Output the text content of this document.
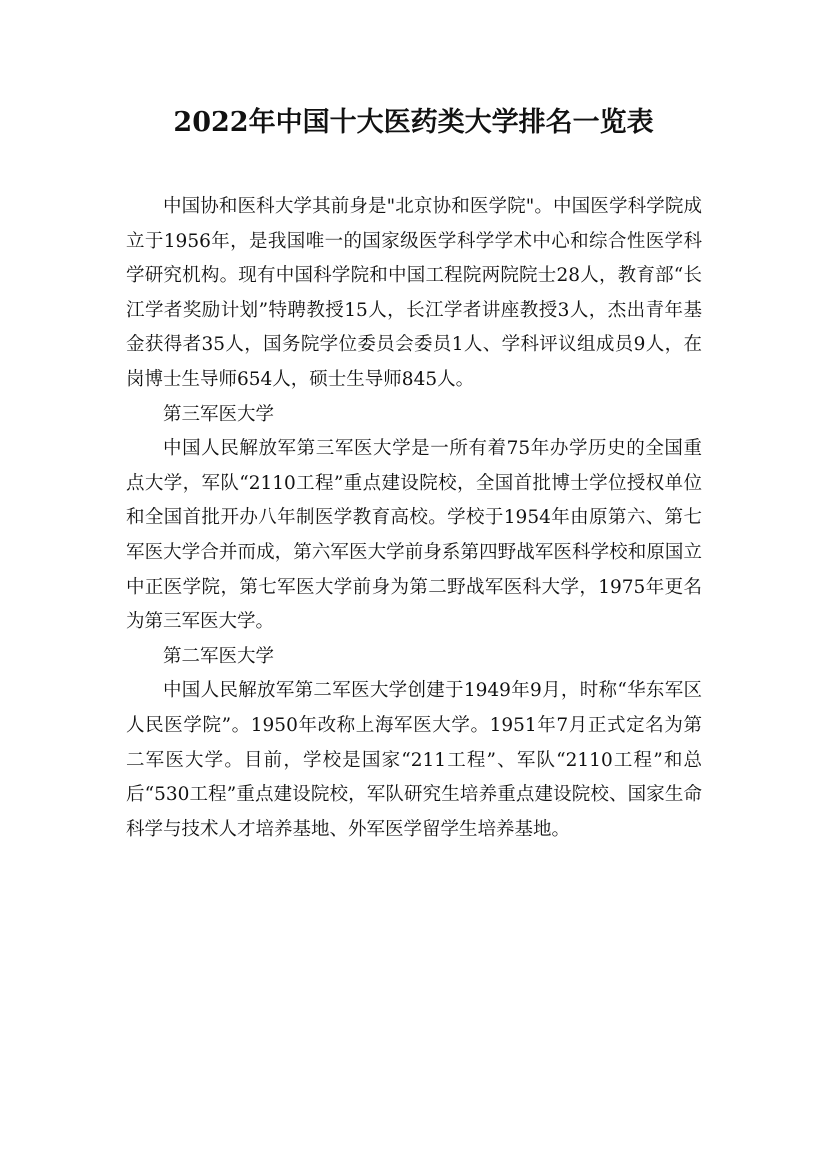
2022年中国十大医药类大学排名一览表

中国协和医科大学其前身是"北京协和医学院"。中国医学科学院成立于1956年，是我国唯一的国家级医学科学学术中心和综合性医学科学研究机构。现有中国科学院和中国工程院两院院士28人，教育部“长江学者奖励计划”特聘教授15人，长江学者讲座教授3人，杰出青年基金获得者35人，国务院学位委员会委员1人、学科评议组成员9人，在岗博士生导师654人，硕士生导师845人。

第三军医大学

中国人民解放军第三军医大学是一所有着75年办学历史的全国重点大学，军队“2110工程”重点建设院校，全国首批博士学位授权单位和全国首批开办八年制医学教育高校。学校于1954年由原第六、第七军医大学合并而成，第六军医大学前身系第四野战军医科学校和原国立中正医学院，第七军医大学前身为第二野战军医科大学，1975年更名为第三军医大学。

第二军医大学

中国人民解放军第二军医大学创建于1949年9月，时称“华东军区人民医学院”。1950年改称上海军医大学。1951年7月正式定名为第二军医大学。目前，学校是国家“211工程”、军队“2110工程”和总后“530工程”重点建设院校，军队研究生培养重点建设院校、国家生命科学与技术人才培养基地、外军医学留学生培养基地。
